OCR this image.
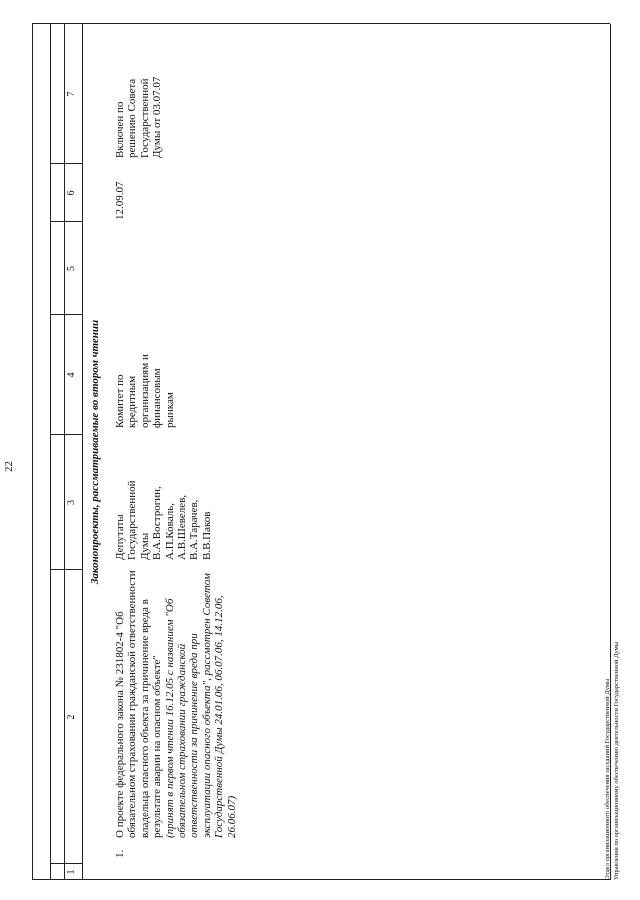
22
1
2
3
4
5
6
7
Законопроекты, рассматриваемые во втором чтении
1.
О проекте федерального закона № 231802-4 "Об обязательном страховании гражданской ответственности владельца опасного объекта за причинение вреда в результате аварии на опасном объекте" (принят в первом чтении 16.12.05 с названием "Об обязательном страховании гражданской ответственности за причинение вреда при эксплуатации опасного объекта", рассмотрен Советом Государственной Думы 24.01.06, 06.07.06, 14.12.06, 26.06.07)
Депутаты Государственной Думы В.А.Вострогин, А.П.Коваль, А.В.Шевелев, В.А.Тарачев, В.В.Паков
Комитет по кредитным организациям и финансовым рынкам
12.09.07
Включен по решению Совета Государственной Думы от 03.07.07
Отдел организационного обеспечения заседаний Государственной Думы Управления по организационному обеспечению деятельности Государственной Думы
